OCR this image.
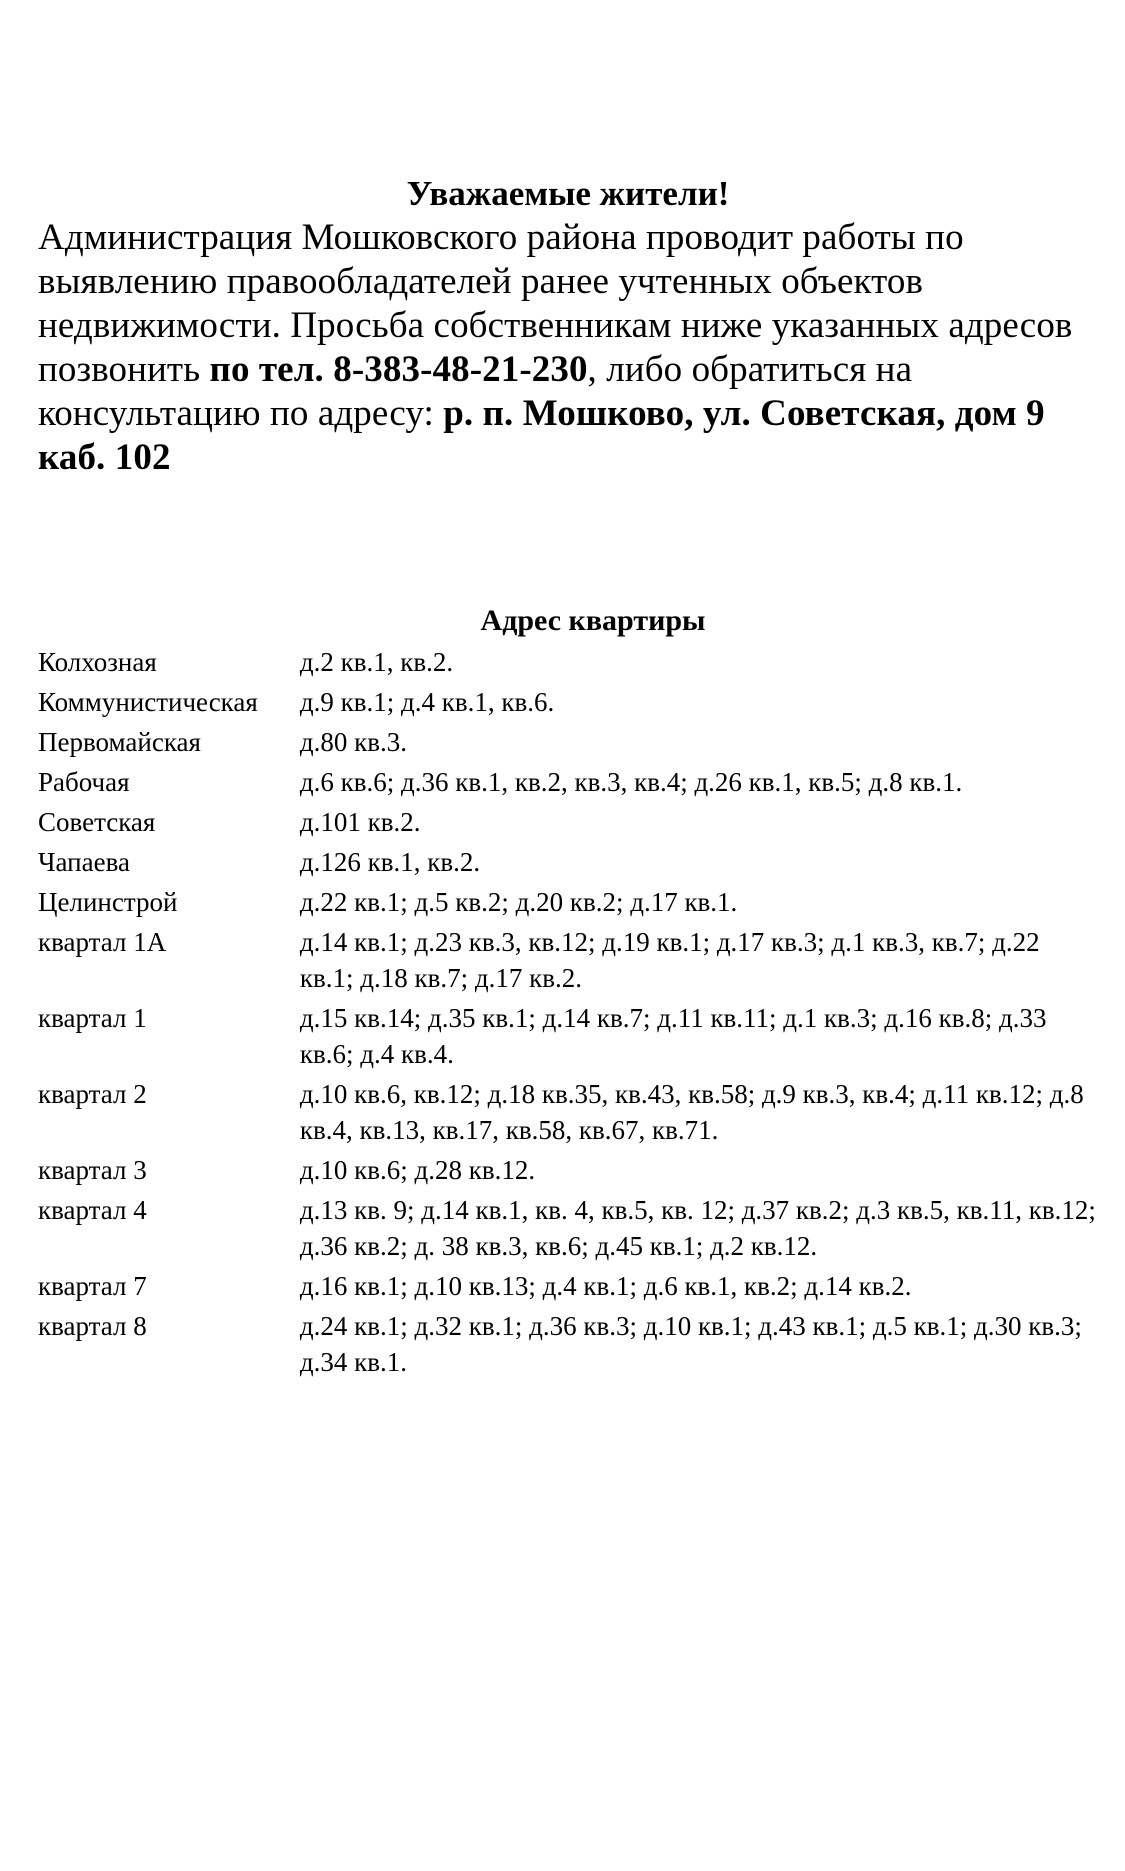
Уважаемые жители!

Администрация Мошковского района проводит работы по выявлению правообладателей ранее учтенных объектов недвижимости. Просьба собственникам ниже указанных адресов позвонить по тел. 8-383-48-21-230, либо обратиться на консультацию по адресу: р. п. Мошково, ул. Советская, дом 9 каб. 102

Адрес квартиры

Колхозная	д.2 кв.1, кв.2.
Коммунистическая	д.9 кв.1; д.4 кв.1, кв.6.
Первомайская	д.80 кв.3.
Рабочая	д.6 кв.6; д.36 кв.1, кв.2, кв.3, кв.4; д.26 кв.1, кв.5; д.8 кв.1.
Советская	д.101 кв.2.
Чапаева	д.126 кв.1, кв.2.
Целинстрой	д.22 кв.1; д.5 кв.2; д.20 кв.2; д.17 кв.1.
квартал 1А	д.14 кв.1; д.23 кв.3, кв.12; д.19 кв.1; д.17 кв.3; д.1 кв.3, кв.7; д.22 кв.1; д.18 кв.7; д.17 кв.2.
квартал 1	д.15 кв.14; д.35 кв.1; д.14 кв.7; д.11 кв.11; д.1 кв.3; д.16 кв.8; д.33 кв.6; д.4 кв.4.
квартал 2	д.10 кв.6, кв.12; д.18 кв.35, кв.43, кв.58; д.9 кв.3, кв.4; д.11 кв.12; д.8 кв.4, кв.13, кв.17, кв.58, кв.67, кв.71.
квартал 3	д.10 кв.6; д.28 кв.12.
квартал 4	д.13 кв. 9; д.14 кв.1, кв. 4, кв.5, кв. 12; д.37 кв.2; д.3 кв.5, кв.11, кв.12; д.36 кв.2; д. 38 кв.3, кв.6; д.45 кв.1; д.2 кв.12.
квартал 7	д.16 кв.1; д.10 кв.13; д.4 кв.1; д.6 кв.1, кв.2; д.14 кв.2.
квартал 8	д.24 кв.1; д.32 кв.1; д.36 кв.3; д.10 кв.1; д.43 кв.1; д.5 кв.1; д.30 кв.3; д.34 кв.1.
